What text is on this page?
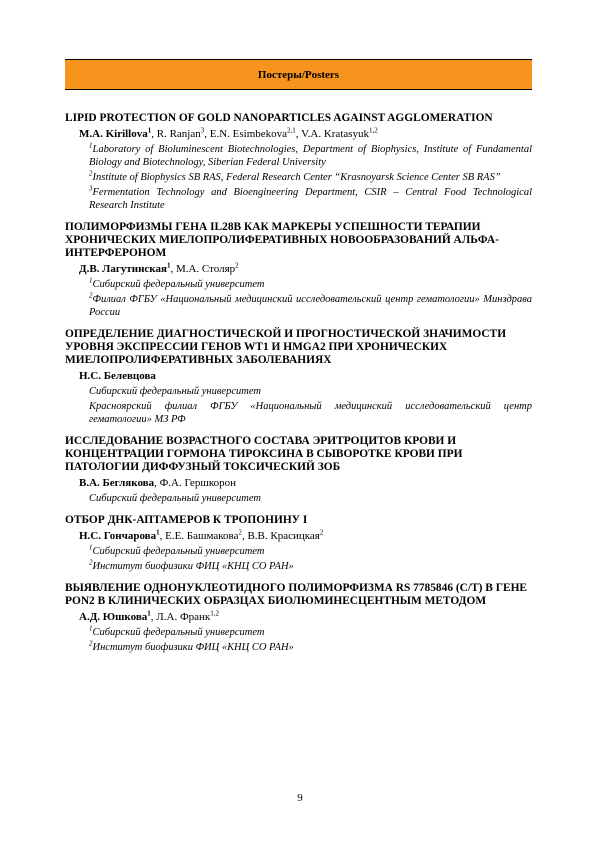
Постеры/Posters
LIPID PROTECTION OF GOLD NANOPARTICLES AGAINST AGGLOMERATION
M.A. Kirillova$^1$, R. Ranjan$^3$, E.N. Esimbekova$^{2,1}$, V.A. Kratasyuk$^{1,2}$
$^1$Laboratory of Bioluminescent Biotechnologies, Department of Biophysics, Institute of Fundamental Biology and Biotechnology, Siberian Federal University
$^2$Institute of Biophysics SB RAS, Federal Research Center “Krasnoyarsk Science Center SB RAS”
$^3$Fermentation Technology and Bioengineering Department, CSIR – Central Food Technological Research Institute
ПОЛИМОРФИЗМЫ ГЕНА IL28B КАК МАРКЕРЫ УСПЕШНОСТИ ТЕРАПИИ ХРОНИЧЕСКИХ МИЕЛОПРОЛИФЕРАТИВНЫХ НОВООБРАЗОВАНИЙ АЛЬФА-ИНТЕРФЕРОНОМ
Д.В. Лагутинская$^1$, М.А. Столяр$^2$
$^1$Сибирский федеральный университет
$^2$Филиал ФГБУ «Национальный медицинский исследовательский центр гематологии» Минздрава России
ОПРЕДЕЛЕНИЕ ДИАГНОСТИЧЕСКОЙ И ПРОГНОСТИЧЕСКОЙ ЗНАЧИМОСТИ УРОВНЯ ЭКСПРЕССИИ ГЕНОВ WT1 И HMGA2 ПРИ ХРОНИЧЕСКИХ МИЕЛОПРОЛИФЕРАТИВНЫХ ЗАБОЛЕВАНИЯХ
Н.С. Белевцова
Сибирский федеральный университет
Красноярский филиал ФГБУ «Национальный медицинский исследовательский центр гематологии» МЗ РФ
ИССЛЕДОВАНИЕ ВОЗРАСТНОГО СОСТАВА ЭРИТРОЦИТОВ КРОВИ И КОНЦЕНТРАЦИИ ГОРМОНА ТИРОКСИНА В СЫВОРОТКЕ КРОВИ ПРИ ПАТОЛОГИИ ДИФФУЗНЫЙ ТОКСИЧЕСКИЙ ЗОБ
В.А. Беглякова, Ф.А. Гершкорон
Сибирский федеральный университет
ОТБОР ДНК-АПТАМЕРОВ К ТРОПОНИНУ I
Н.С. Гончарова$^1$, Е.Е. Башмакова$^2$, В.В. Красицкая$^2$
$^1$Сибирский федеральный университет
$^2$Институт биофизики ФИЦ «КНЦ СО РАН»
ВЫЯВЛЕНИЕ ОДНОНУКЛЕОТИДНОГО ПОЛИМОРФИЗМА RS 7785846 (C/T) В ГЕНЕ PON2 В КЛИНИЧЕСКИХ ОБРАЗЦАХ БИОЛЮМИНЕСЦЕНТНЫМ МЕТОДОМ
А.Д. Юшкова$^1$, Л.А. Франк$^{1,2}$
$^1$Сибирский федеральный университет
$^2$Институт биофизики ФИЦ «КНЦ СО РАН»
9
